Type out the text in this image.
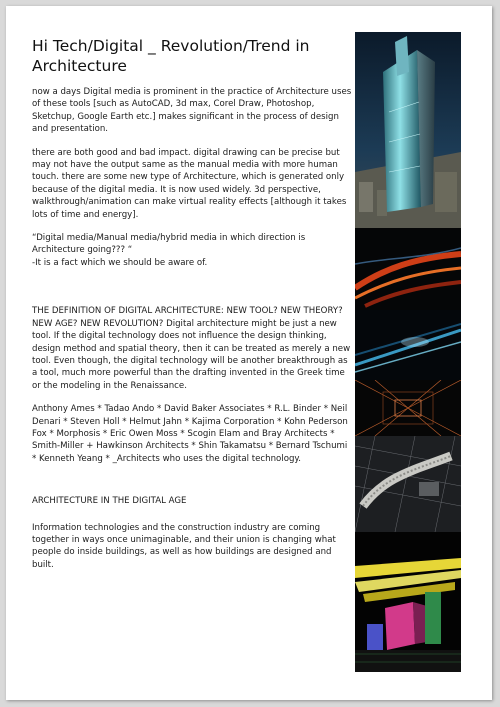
Hi Tech/Digital _ Revolution/Trend in Architecture

now a days Digital media is prominent in the practice of Architecture uses of these tools [such as AutoCAD, 3d max, Corel Draw, Photoshop, Sketchup, Google Earth etc.] makes significant in the process of design and presentation.

there are both good and bad impact. digital drawing can be precise but may not have the output same as the manual media with more human touch. there are some new type of Architecture, which is generated only because of the digital media. It is now used widely. 3d perspective, walkthrough/animation can make virtual reality effects [although it takes lots of time and energy].

“Digital media/Manual media/hybrid media in which direction is Architecture going??? “
-It is a fact which we should be aware of.

THE DEFINITION OF DIGITAL ARCHITECTURE: NEW TOOL? NEW THEORY? NEW AGE? NEW REVOLUTION? Digital architecture might be just a new tool. If the digital technology does not influence the design thinking, design method and spatial theory, then it can be treated as merely a new tool. Even though, the digital technology will be another breakthrough as a tool, much more powerful than the drafting invented in the Greek time or the modeling in the Renaissance.

Anthony Ames * Tadao Ando * David Baker Associates * R.L. Binder * Neil Denari * Steven Holl * Helmut Jahn * Kajima Corporation * Kohn Pederson Fox * Morphosis * Eric Owen Moss * Scogin Elam and Bray Architects * Smith-Miller + Hawkinson Architects * Shin Takamatsu * Bernard Tschumi * Kenneth Yeang * _Architects who uses the digital technology.

ARCHITECTURE IN THE DIGITAL AGE

Information technologies and the construction industry are coming together in ways once unimaginable, and their union is changing what people do inside buildings, as well as how buildings are designed and built.
